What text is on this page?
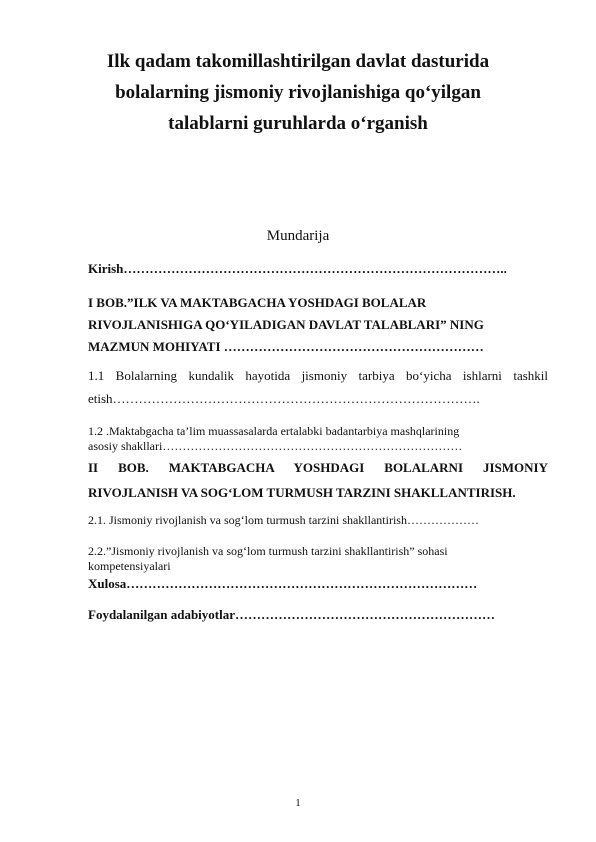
Ilk qadam takomillashtirilgan davlat dasturida
bolalarning jismoniy rivojlanishiga qo‘yilgan
talablarni guruhlarda o‘rganish
Mundarija
Kirish……………………………………………………………………………..
I BOB.”ILK VA MAKTABGACHA YOSHDAGI BOLALAR
RIVOJLANISHIGA QO‘YILADIGAN DAVLAT TALABLARI” NING
MAZMUN MOHIYATI ……………………………………………………
1.1 Bolalarning kundalik hayotida jismoniy tarbiya bo‘yicha ishlarni tashkil
etish………………………………………………………………………….
1.2 .Maktabgacha ta’lim muassasalarda ertalabki badantarbiya mashqlarining
asosiy shakllari…………………………………………………………………
II BOB. MAKTABGACHA YOSHDAGI BOLALARNI JISMONIY
RIVOJLANISH VA SOG‘LOM TURMUSH TARZINI SHAKLLANTIRISH.
2.1. Jismoniy rivojlanish va sog‘lom turmush tarzini shakllantirish………………
2.2.”Jismoniy rivojlanish va sog‘lom turmush tarzini shakllantirish” sohasi
kompetensiyalari
Xulosa………………………………………………………………………
Foydalanilgan adabiyotlar……………………………………………………
1
